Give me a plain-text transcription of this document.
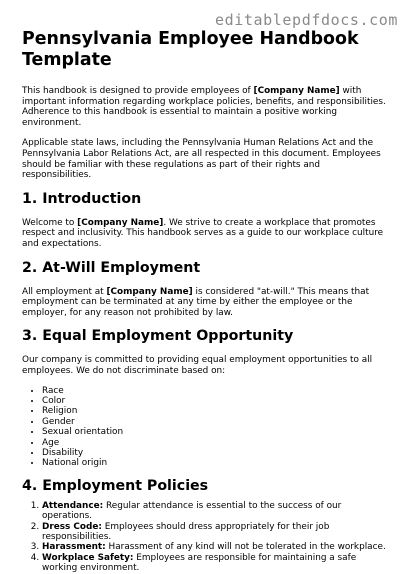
editablepdfdocs.com
Pennsylvania Employee Handbook Template

This handbook is designed to provide employees of [Company Name] with important information regarding workplace policies, benefits, and responsibilities. Adherence to this handbook is essential to maintain a positive working environment.

Applicable state laws, including the Pennsylvania Human Relations Act and the Pennsylvania Labor Relations Act, are all respected in this document. Employees should be familiar with these regulations as part of their rights and responsibilities.

1. Introduction

Welcome to [Company Name]. We strive to create a workplace that promotes respect and inclusivity. This handbook serves as a guide to our workplace culture and expectations.

2. At-Will Employment

All employment at [Company Name] is considered "at-will." This means that employment can be terminated at any time by either the employee or the employer, for any reason not prohibited by law.

3. Equal Employment Opportunity

Our company is committed to providing equal employment opportunities to all employees. We do not discriminate based on:

• Race
• Color
• Religion
• Gender
• Sexual orientation
• Age
• Disability
• National origin
4. Employment Policies
1. Attendance: Regular attendance is essential to the success of our operations.
2. Dress Code: Employees should dress appropriately for their job responsibilities.
3. Harassment: Harassment of any kind will not be tolerated in the workplace.
4. Workplace Safety: Employees are responsible for maintaining a safe working environment.
